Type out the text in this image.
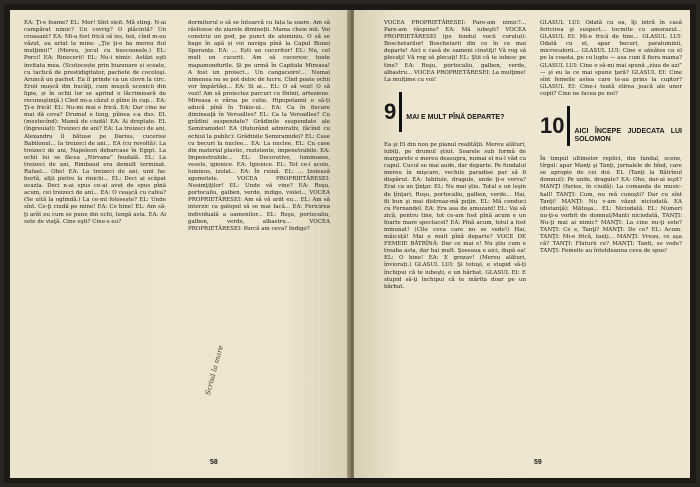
EA: Ţi-e foame? EL: Mor! Sînt sleit. Mă sting. N-ai cumpărat nimic? Un covrig? O plăcintă? Un croasant? EA: Mi-a fost frică să ies, teii, cînd m-au văzut, au urlat la mine: „Ţie ţi-e ba mereu fiul mulţimii!” (Mereu, jocul cu buscoanele.) EL: Porci! EA: Rinocerii! EL: Nu-i nimic. Astăzi eşti invitata mea. (Scotocește prin buzunare și scoate, cu tactică de prestidigitator, pachete de cocoloşi. Aruncă un pachet. Ea îl prinde ca un clovn la circ. Eroii mușcă din bucăţi, cum mușcă ucenicii din lipie, și în ochii lor se aprind o lăcrimioară de recunoştinţă.) Cînd mi-a căzut o pîine în cap... EA: Ţi-e frică! EL: Nu-mi mai e frică. EA: Dar cine ne mai dă ceva? Drumul e lung, pîinea s-a dus. EL (mestecînd): Mamă de ciudă! EA: Ai dreptate. EL (îngreuiat): Treizeci de ani? EA: La treizeci de ani, Alexandru îl bătuse pe Darius, cucerise Babilonul... Ia treizeci de ani... EA (cu revoltă): La treizeci de ani, Napoleon debarcase în Egipt. La ochii lui se făcea „Nirvana” feudală. EL: La treizeci de ani, Rimbaud era demult terminat. Rafael... Oho! EA: La treizeci de ani, unii fac burtă, alţii pietre la rinichi... EL: Deci ai scăpat ocazia. Deci n-ai spus ce-ai avut de spus pînă acum, cei treizeci de ani... EA: O ceaşcă cu cafea? (Se uită la oglindă.) La ce-mi folosește? EL: Unde sînt. Ce-ţi ciudă pe mine! EA: Ce bine! EL: Am să-ţi arăt eu cum se pune din ochi, lungă asta. EA: Ai sete de viaţă. Cine eşti? Cine-s eu?

dormitorul o să se întoarcă cu fața la soare. Am să răsfoiesc de ziarele dimineții. Mama cheie mii. Voi construi un pod, pe punct de aluminiu. O să se bage în apă și voi naviga pînă la Capul Bunei Speranțe. EA: ... Ești un cuceritor! EL: Nu, cel mult un cucerit. Am să cuceresc toate mapamondurile. Și pe urmă în Capitala Mireasa! A fost un proiect... Un cangaceiro!... Numai nimenea nu se pot deloc de lucru. Cînd poate ochii vor împărtăși... EA: Si ai... EL: O să vezi! O să vezi! Am să proiectez parcuri cu fînînii, arteziene. Mireasa o vărsa pe cutie. Hipopotamii o să-ți aducă pînă în Tokio-ul... EA: Ca în fiecare dimineaţă în Versailles? EL: Ca la Versailles? Cu grădini suspendate? Grădinile suspendate ale Semiramidei! EA (fluturând admirativ, făcînd cu ochiul la public): Grădinile Semiramidei? EL: Case cu becuri la nuclee... EA: La nuclee. EL: Cu case din material plastic, rezistente, impenetrabile. EA: Impenetrabile... EL: Decorative, luminoase, vesele, igienice. EA: Igienice. EL: Tot ce-i acolo, luminos, izolat... EA: În ruină. EL: ... Izolează zgomotele. VOCEA PROPRIETĂRESEI: Nesimţiţilor! EL: Unde vă vine? EA: Roşu, portocaliu, galben, verde, indigo, violet... VOCEA PROPRIETĂRESEI: Am să vă arăt eu... EL: Am să interzic ca galopul să se mai facă... EA: Fericirea individuală a oamenilor... EL: Roşu, portocaliu, galben, verde, albastru... VOCEA PROPRIETĂRESEI: Parcă am ceva? Indigo?

58

VOCEA PROPRIETĂRESEI: Pare-am nimic?... Pare-am răspuns? EA: Mă iubeşti? VOCEA PROPRIETĂRESEI (pe fondul vocii corului): Boschetarilor! Boschetarii din ce în ce mai departe! Aici e casă de oameni cinstiţi! Vă rog să plecaţi! Vă rog să plecaţi! EL: Ştii că te iubesc pe tine? EA: Roşu, portocaliu, galben, verde, albastru... VOCEA PROPRIETĂRESEI: La mulţime! La mulţime cu voi!

9	MAI E MULT PÎNĂ DEPARTE?

Ea şi El din nou pe planul realităţii. Mereu alături, iubiţi, pe drumul ştiut. Soarele sub formă de margarete e mereu deasupra, numai ei nu-l văd cu capul. Cucul se mai aude, dar departe. Pe fundalul mereu în mişcare, vechile paradise par să fi dispărut. EA: Iubitule, dragule, unde ţi-e verva? Erai ca un ţînţar. EL: Nu mai ştiu. Totul e un leşin de ţînţari, Roşu, portocaliu, galben, verde... Hai, fii bun şi mai distreaz-mă puţin. EL: Mă conduci cu Fernandel. EA: Era asa de amuzant! EL: Vai să zică, pentru tine, tot ce-am fost pînă acum e un foarte mare spectacol? EA: Pînă acum, totul a fost minunat! (Cîte ceva care nu se vede!) Hai, măicuţă! Mai e mult pînă departe? VOCE DE FEMEIE BĂTRÎNĂ: Dar ce mai e! Nu ştiu cum e treaba asta, dar hai mult. Şoseaua e aici, după ea! EL: O bine! EA: E grozav! (Mereu alături, înviorați.) GLASUL LUI: Şi totuşi, e stupid să-ţi închipui că te iubeşti, e un bărbat. GLASUL EI: E stupid să-ţi închipui că te mărita doar pe un bărbat.

GLASUL LUI: Odată cu ea, îţi intră în casă fericirea şi suspect... tocmite cu amorazul... GLASUL EI: Mi-e frică de tine... GLASUL LUI: Odată cu el, apar becuri, paraluminii, microcalorii... GLASUL LUI: Cine e sănătos ca el pe la coasta, pe cu lupte — asa cum îl fiera mama? GLASUL LUI: Cine o să-mi mai spună „ziua de azi” — şi eu la ce mai spune ţară? GLASUL EI: Cine sînt femeile astea care te-au prins la cuptor? GLASUL EI: Cine-i toată stirea joacă ale unor copii? Cine ne facea pe noi?

10	AICI ÎNCEPE JUDECATA LUI SOLOMON

În timpul ultimelor replici, din fundal, scene, tîrgul: apar Manţi şi Tanţi, jurnalele de bînd, care se apropie de cei doi. EL (Tanţi la Bătrînul domnul): Pe unde, dragule? EA: Oho, dar-ai ieşit? MANŢI (furios, în ciudă): La comanda de music-hall! TANŢI: Cum, nu mă cunoşti? Dar cu sînt Tanţi! MANŢI: Nu v-am văzut niciodată. EA (distanţă): Mătuşa... EL: Niciodată. EL: Numeri nu-ţi-a vorbit de domnul/Manti niciodată, TANŢI: Nu-ţi mai ai nimic? MANŢI: La cine nu-ţi este? TANŢI: Ce e, Tanţi? MANŢI: De ce? EL: Acum. TANŢI: Mi-e frică, tanţi... MANŢI: Vreau, ce aşa că? TANŢI: Fluturii ce? MANŢI: Tanti, se vede? TANŢI: Femeile au întotdeauna ceva de spus!

59
Scrisă la mare
